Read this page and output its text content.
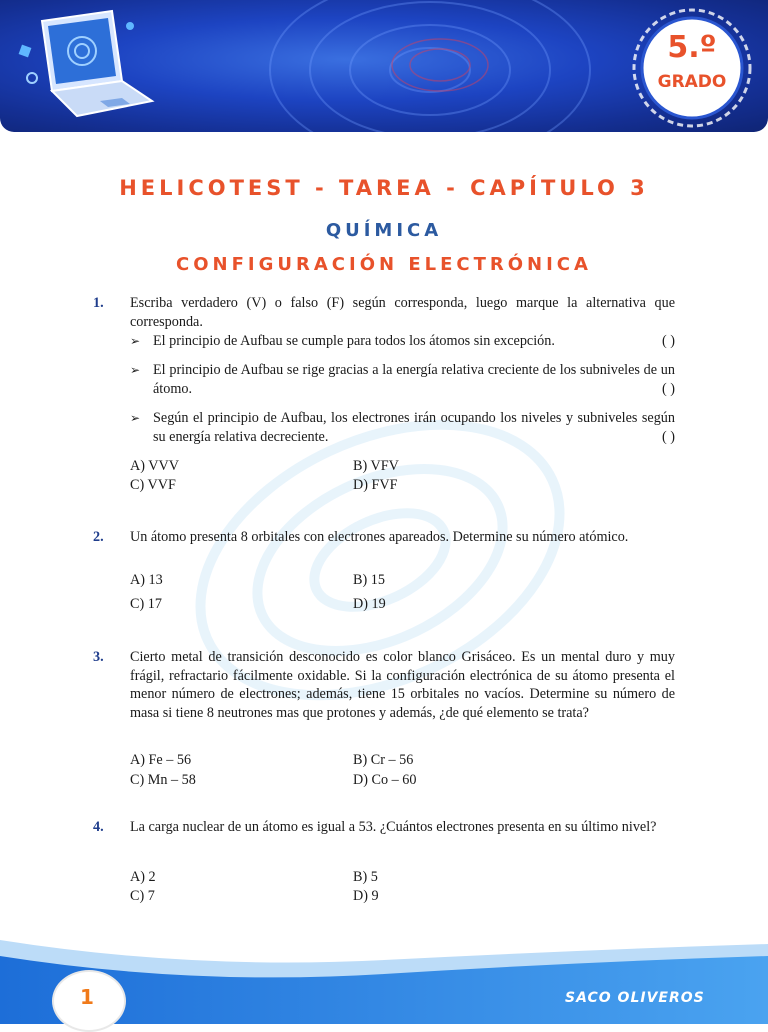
5.º
GRADO
HELICOTEST - TAREA - CAPÍTULO 3
QUÍMICA
CONFIGURACIÓN ELECTRÓNICA
1. Escriba verdadero (V) o falso (F) según corresponda, luego marque la alternativa que corresponda.
➢ El principio de Aufbau se cumple para todos los átomos sin excepción.	( )
➢ El principio de Aufbau se rige gracias a la energía relativa creciente de los subniveles de un átomo.	( )
➢ Según el principio de Aufbau, los electrones irán ocupando los niveles y subniveles según su energía relativa decreciente.	( )
A) VVV	B) VFV
C) VVF	D) FVF
2. Un átomo presenta 8 orbitales con electrones apareados. Determine su número atómico.
A) 13	B) 15
C) 17	D) 19
3. Cierto metal de transición desconocido es color blanco Grisáceo. Es un mental duro y muy frágil, refractario fácilmente oxidable. Si la configuración electrónica de su átomo presenta el menor número de electrones; además, tiene 15 orbitales no vacíos. Determine su número de masa si tiene 8 neutrones mas que protones y además, ¿de qué elemento se trata?
A) Fe – 56	B) Cr – 56
C) Mn – 58	D) Co – 60
4. La carga nuclear de un átomo es igual a 53. ¿Cuántos electrones presenta en su último nivel?
A) 2	B) 5
C) 7	D) 9
1	SACO OLIVEROS
